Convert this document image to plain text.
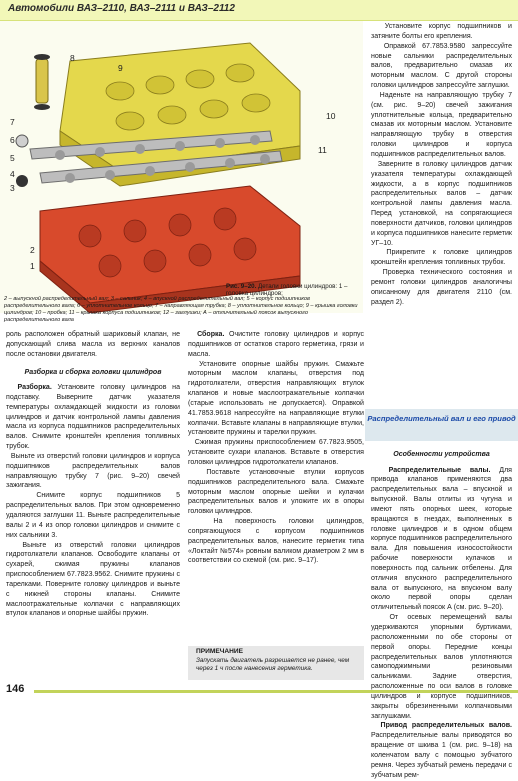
Автомобили ВАЗ–2110, ВАЗ–2111 и ВАЗ–2112
8
9
10
11
1
2
3
4
5
6
7
Рис. 9–20. Детали головки цилиндров: 1 – головка цилиндров;
2 – выпускной распределительный вал; 3 – сальник; 4 – впускной распределительный вал; 5 – корпус подшипников распределительного вала; 6 – уплотнительное кольцо; 7 – направляющая трубка; 8 – уплотнительное кольцо; 9 – крышка головки цилиндров; 10 – пробка; 11 – крышка корпуса подшипников; 12 – заглушки; А – отличительный поясок выпускного распределительного вала

роль расположен обратный шариковый клапан, не допускающий слива масла из верхних каналов после остановки двигателя.

Разборка и сборка головки цилиндров

Разборка. Установите головку цилиндров на подставку. Выверните датчик указателя температуры охлаждающей жидкости из головки цилиндров и датчик контрольной лампы давления масла из корпуса подшипников распределительных валов. Снимите кронштейн крепления топливных трубок.

Выньте из отверстий головки цилиндров и корпуса подшипников распределительных валов направляющую трубку 7 (рис. 9–20) свечей зажигания.

Снимите корпус подшипников 5 распределительных валов. При этом одновременно удаляются заглушки 11. Выньте распределительные валы 2 и 4 из опор головки цилиндров и снимите с них сальники 3.

Выньте из отверстий головки цилиндров гидротолкатели клапанов. Освободите клапаны от сухарей, сжимая пружины клапанов приспособлением 67.7823.9562. Снимите пружины с тарелками. Поверните головку цилиндров и выньте с нижней стороны клапаны. Снимите маслоотражательные колпачки с направляющих втулок клапанов и опорные шайбы пружин.

Сборка. Очистите головку цилиндров и корпус подшипников от остатков старого герметика, грязи и масла.

Установите опорные шайбы пружин. Смажьте моторным маслом клапаны, отверстия под гидротолкатели, отверстия направляющих втулок клапанов и новые маслоотражательные колпачки (старые использовать не допускается). Оправкой 41.7853.9618 напрессуйте на направляющие втулки колпачки. Вставьте клапаны в направляющие втулки, установите пружины и тарелки пружин.

Сжимая пружины приспособлением 67.7823.9505, установите сухари клапанов. Вставьте в отверстия головки цилиндров гидротолкатели клапанов.

Поставьте установочные втулки корпусов подшипников распределительного вала. Смажьте моторным маслом опорные шейки и кулачки распределительных валов и уложите их в опоры головки цилиндров.

На поверхность головки цилиндров, сопрягающуюся с корпусом подшипников распределительных валов, нанесите герметик типа «Локтайт №574» ровным валиком диаметром 2 мм в соответствии со схемой (см. рис. 9–17).

ПРИМЕЧАНИЕ
Запускать двигатель разрешается не ранее, чем через 1 ч после нанесения герметика.

Установите корпус подшипников и затяните болты его крепления.

Оправкой 67.7853.9580 запрессуйте новые сальники распределительных валов, предварительно смазав их моторным маслом. С другой стороны головки цилиндров запрессуйте заглушки.

Наденьте на направляющую трубку 7 (см. рис. 9–20) свечей зажигания уплотнительные кольца, предварительно смазав их моторным маслом. Установите направляющую трубку в отверстия головки цилиндров и корпуса подшипников распределительных валов.

Заверните в головку цилиндров датчик указателя температуры охлаждающей жидкости, а в корпус подшипников распределительных валов – датчик контрольной лампы давления масла. Перед установкой, на сопрягающиеся поверхности датчиков, головки цилиндров и корпуса подшипников нанесите герметик УГ–10.

Прикрепите к головке цилиндров кронштейн крепления топливных трубок.

Проверка технического состояния и ремонт головки цилиндров аналогичны описанному для двигателя 2110 (см. раздел 2).

Распределительный вал и его привод

Особенности устройства

Распределительные валы. Для привода клапанов применяются два распределительных вала – впускной и выпускной. Валы отлиты из чугуна и имеют пять опорных шеек, которые вращаются в гнездах, выполненных в головке цилиндров и в одном общем корпусе подшипников распределительного вала. Для повышения износостойкости рабочие поверхности кулачков и поверхность под сальник отбелены. Для отличия впускного распределительного вала от выпускного, на впускном валу около первой опоры сделан отличительный поясок А (см. рис. 9–20).

От осевых перемещений валы удерживаются упорными буртиками, расположенными по обе стороны от первой опоры. Передние концы распределительных валов уплотняются самоподжимными резиновыми сальниками. Задние отверстия, расположенные по оси валов в головке цилиндров и корпусе подшипников, закрыты обрезиненными колпачковыми заглушками.

Привод распределительных валов. Распределительные валы приводятся во вращение от шкива 1 (см. рис. 9–18) на коленчатом валу с помощью зубчатого ремня. Через зубчатый ремень передачи с зубчатым рем-

146
